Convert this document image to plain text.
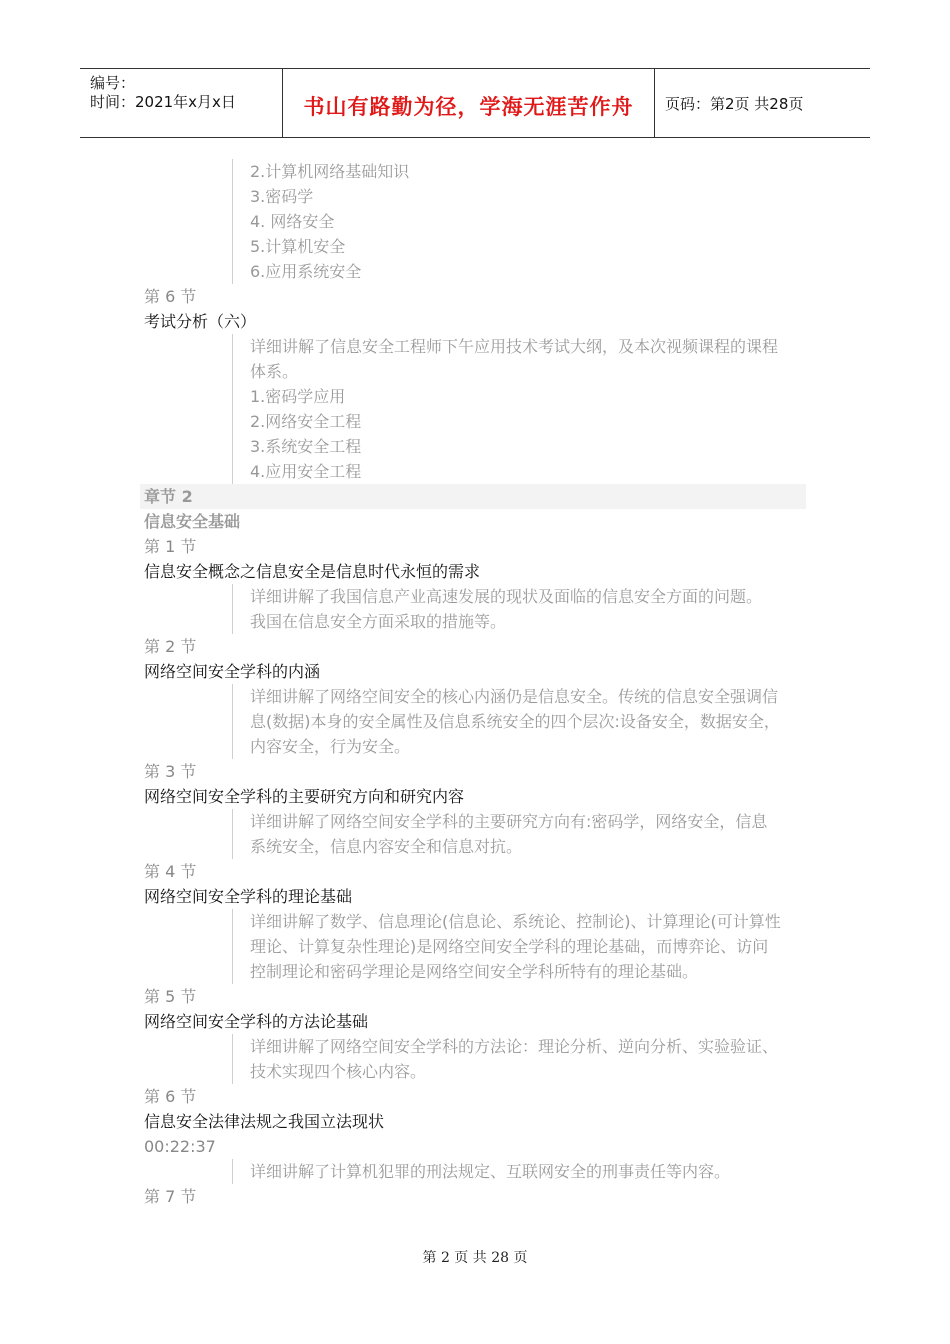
编号：
时间：2021年x月x日	书山有路勤为径，学海无涯苦作舟	页码：第2页 共28页
2.计算机网络基础知识
3.密码学
4. 网络安全
5.计算机安全
6.应用系统安全
第 6 节
考试分析（六）
详细讲解了信息安全工程师下午应用技术考试大纲，及本次视频课程的课程
体系。
1.密码学应用
2.网络安全工程
3.系统安全工程
4.应用安全工程
章节 2
信息安全基础
第 1 节
信息安全概念之信息安全是信息时代永恒的需求
详细讲解了我国信息产业高速发展的现状及面临的信息安全方面的问题。
我国在信息安全方面采取的措施等。
第 2 节
网络空间安全学科的内涵
详细讲解了网络空间安全的核心内涵仍是信息安全。传统的信息安全强调信
息(数据)本身的安全属性及信息系统安全的四个层次:设备安全，数据安全，
内容安全，行为安全。
第 3 节
网络空间安全学科的主要研究方向和研究内容
详细讲解了网络空间安全学科的主要研究方向有:密码学，网络安全，信息
系统安全，信息内容安全和信息对抗。
第 4 节
网络空间安全学科的理论基础
详细讲解了数学、信息理论(信息论、系统论、控制论)、计算理论(可计算性
理论、计算复杂性理论)是网络空间安全学科的理论基础，而博弈论、访问
控制理论和密码学理论是网络空间安全学科所特有的理论基础。
第 5 节
网络空间安全学科的方法论基础
详细讲解了网络空间安全学科的方法论：理论分析、逆向分析、实验验证、
技术实现四个核心内容。
第 6 节
信息安全法律法规之我国立法现状
00:22:37
详细讲解了计算机犯罪的刑法规定、互联网安全的刑事责任等内容。
第 7 节
第 2 页 共 28 页
